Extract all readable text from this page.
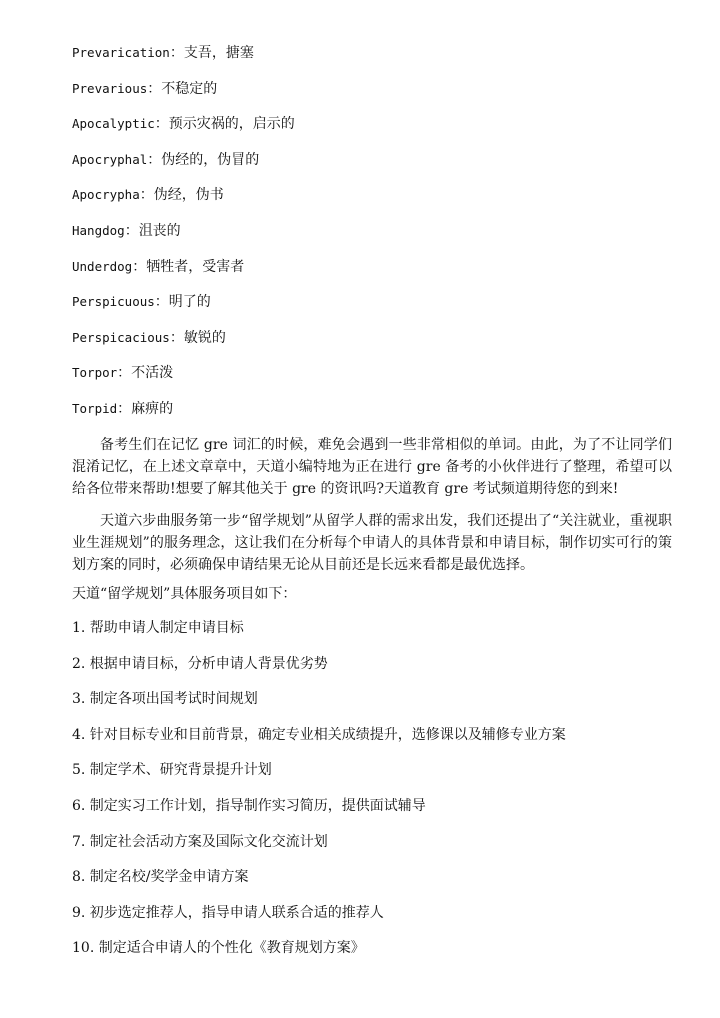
Prevarication：支吾，搪塞
Prevarious：不稳定的
Apocalyptic：预示灾祸的，启示的
Apocryphal：伪经的，伪冒的
Apocrypha：伪经，伪书
Hangdog：沮丧的
Underdog：牺牲者，受害者
Perspicuous：明了的
Perspicacious：敏锐的
Torpor：不活泼
Torpid：麻痹的

备考生们在记忆 gre 词汇的时候，难免会遇到一些非常相似的单词。由此，为了不让同学们混淆记忆，在上述文章章中，天道小编特地为正在进行 gre 备考的小伙伴进行了整理，希望可以给各位带来帮助!想要了解其他关于 gre 的资讯吗?天道教育 gre 考试频道期待您的到来!

天道六步曲服务第一步“留学规划”从留学人群的需求出发，我们还提出了“关注就业，重视职业生涯规划”的服务理念，这让我们在分析每个申请人的具体背景和申请目标，制作切实可行的策划方案的同时，必须确保申请结果无论从目前还是长远来看都是最优选择。

天道“留学规划”具体服务项目如下：

1. 帮助申请人制定申请目标
2. 根据申请目标，分析申请人背景优劣势
3. 制定各项出国考试时间规划
4. 针对目标专业和目前背景，确定专业相关成绩提升，选修课以及辅修专业方案
5. 制定学术、研究背景提升计划
6. 制定实习工作计划，指导制作实习简历，提供面试辅导
7. 制定社会活动方案及国际文化交流计划
8. 制定名校/奖学金申请方案
9. 初步选定推荐人，指导申请人联系合适的推荐人
10. 制定适合申请人的个性化《教育规划方案》
